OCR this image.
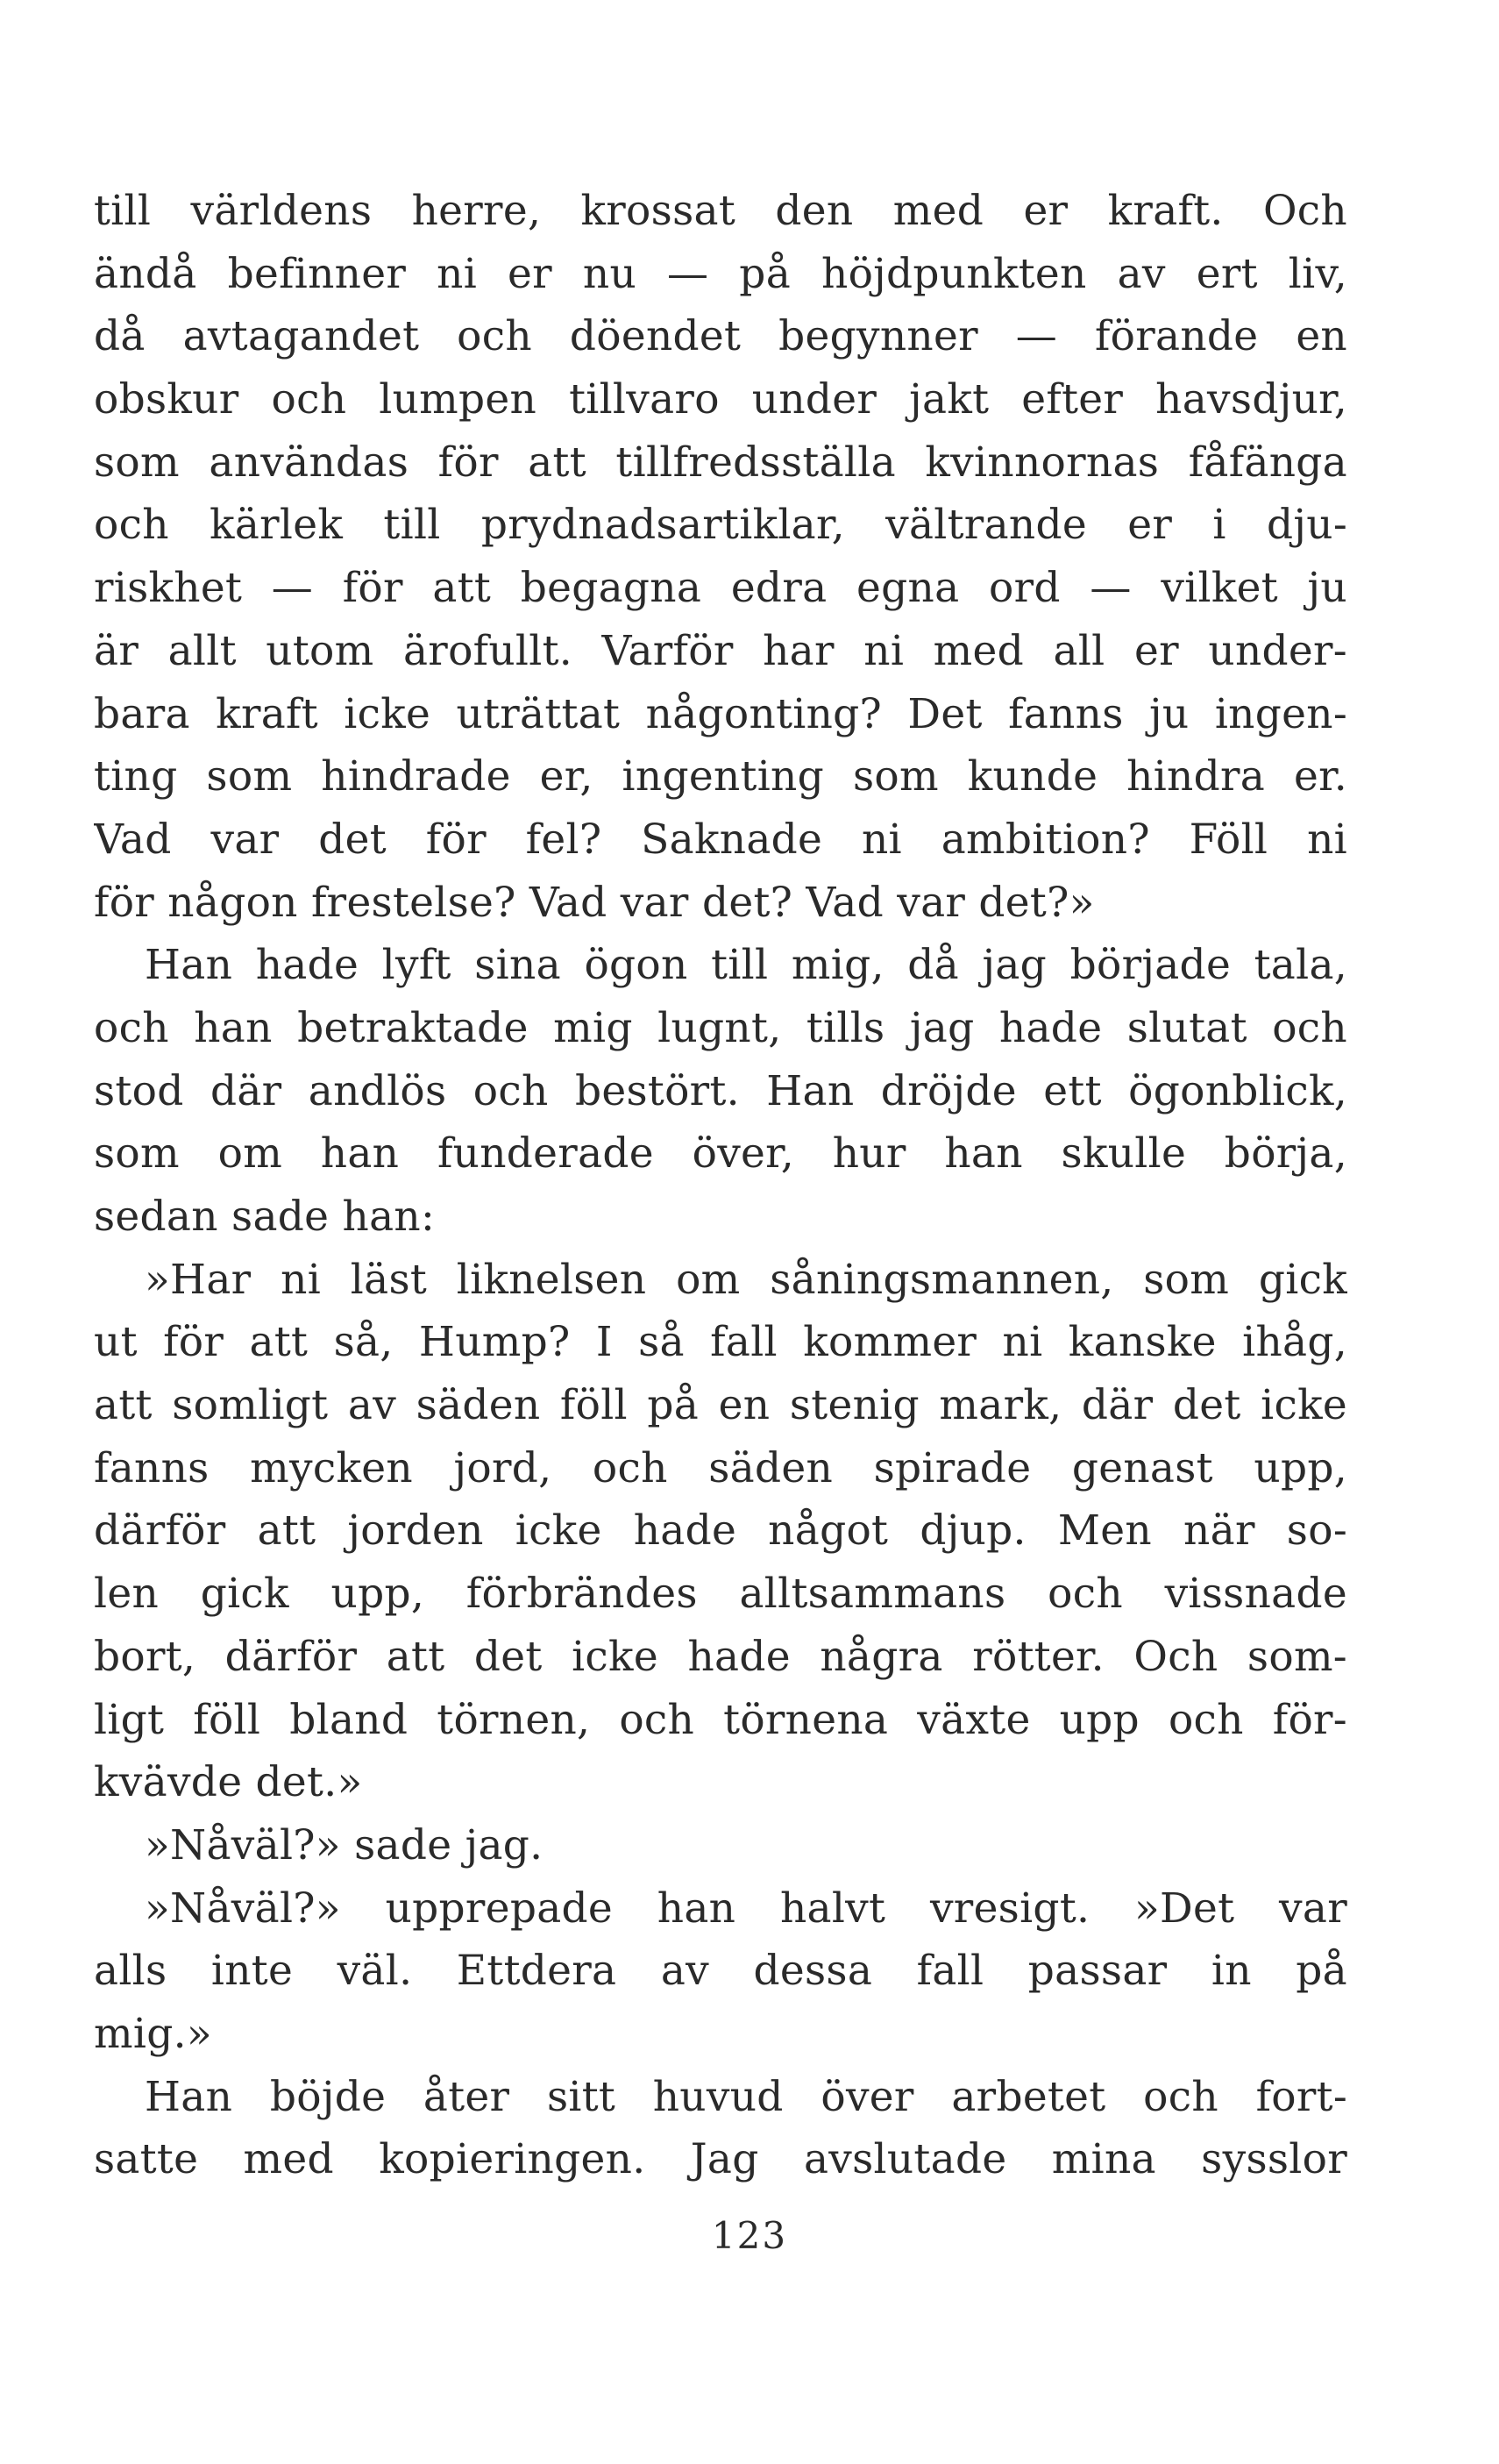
till världens herre, krossat den med er kraft. Och
ändå befinner ni er nu — på höjdpunkten av ert liv,
då avtagandet och döendet begynner — förande en
obskur och lumpen tillvaro under jakt efter havsdjur,
som användas för att tillfredsställa kvinnornas fåfänga
och kärlek till prydnadsartiklar, vältrande er i dju-
riskhet — för att begagna edra egna ord — vilket ju
är allt utom ärofullt. Varför har ni med all er under-
bara kraft icke uträttat någonting? Det fanns ju ingen-
ting som hindrade er, ingenting som kunde hindra er.
Vad var det för fel? Saknade ni ambition? Föll ni
för någon frestelse? Vad var det? Vad var det?»
Han hade lyft sina ögon till mig, då jag började tala,
och han betraktade mig lugnt, tills jag hade slutat och
stod där andlös och bestört. Han dröjde ett ögonblick,
som om han funderade över, hur han skulle börja,
sedan sade han:
»Har ni läst liknelsen om såningsmannen, som gick
ut för att så, Hump? I så fall kommer ni kanske ihåg,
att somligt av säden föll på en stenig mark, där det icke
fanns mycken jord, och säden spirade genast upp,
därför att jorden icke hade något djup. Men när so-
len gick upp, förbrändes alltsammans och vissnade
bort, därför att det icke hade några rötter. Och som-
ligt föll bland törnen, och törnena växte upp och för-
kvävde det.»
»Nåväl?» sade jag.
»Nåväl?» upprepade han halvt vresigt. »Det var
alls inte väl. Ettdera av dessa fall passar in på
mig.»
Han böjde åter sitt huvud över arbetet och fort-
satte med kopieringen. Jag avslutade mina sysslor
123
